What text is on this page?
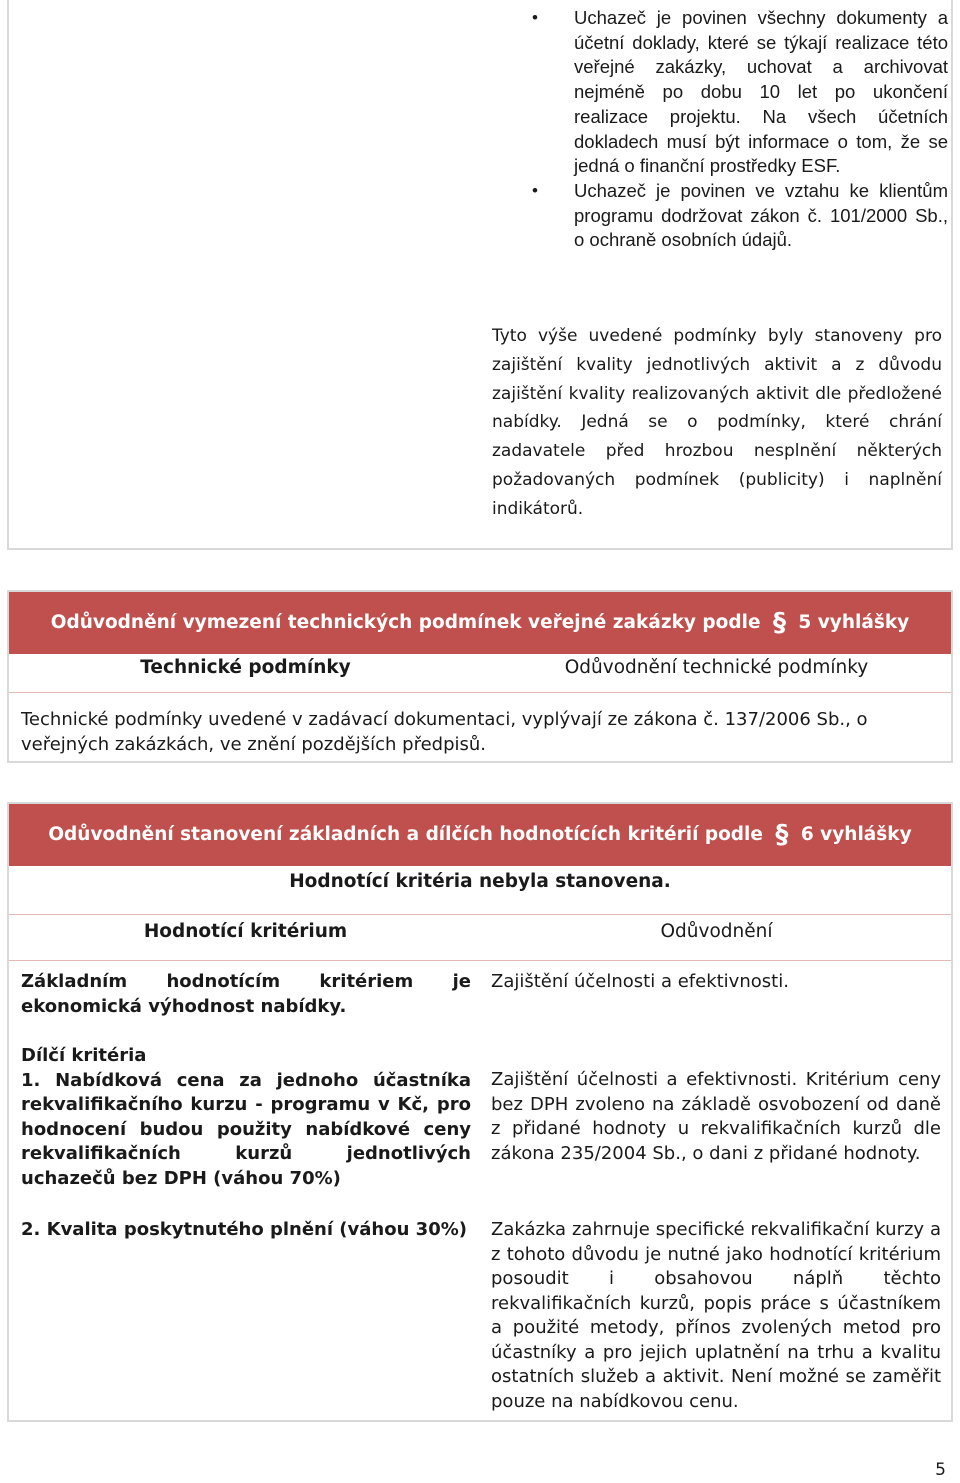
• Uchazeč je povinen všechny dokumenty a účetní doklady, které se týkají realizace této veřejné zakázky, uchovat a archivovat nejméně po dobu 10 let po ukončení realizace projektu. Na všech účetních dokladech musí být informace o tom, že se jedná o finanční prostředky ESF.
• Uchazeč je povinen ve vztahu ke klientům programu dodržovat zákon č. 101/2000 Sb., o ochraně osobních údajů.

Tyto výše uvedené podmínky byly stanoveny pro zajištění kvality jednotlivých aktivit a z důvodu zajištění kvality realizovaných aktivit dle předložené nabídky. Jedná se o podmínky, které chrání zadavatele před hrozbou nesplnění některých požadovaných podmínek (publicity) i naplnění indikátorů.

Odůvodnění vymezení technických podmínek veřejné zakázky podle § 5 vyhlášky
Technické podmínky	Odůvodnění technické podmínky

Technické podmínky uvedené v zadávací dokumentaci, vyplývají ze zákona č. 137/2006 Sb., o veřejných zakázkách, ve znění pozdějších předpisů.

Odůvodnění stanovení základních a dílčích hodnotících kritérií podle § 6 vyhlášky
Hodnotící kritéria nebyla stanovena.
Hodnotící kritérium	Odůvodnění

Základním hodnotícím kritériem je ekonomická výhodnost nabídky.

Zajištění účelnosti a efektivnosti.

Dílčí kritéria

1. Nabídková cena za jednoho účastníka rekvalifikačního kurzu - programu v Kč, pro hodnocení budou použity nabídkové ceny rekvalifikačních kurzů jednotlivých uchazečů bez DPH (váhou 70%)

Zajištění účelnosti a efektivnosti. Kritérium ceny bez DPH zvoleno na základě osvobození od daně z přidané hodnoty u rekvalifikačních kurzů dle zákona 235/2004 Sb., o dani z přidané hodnoty.

2. Kvalita poskytnutého plnění (váhou 30%) Zakázka zahrnuje specifické rekvalifikační kurzy a z tohoto důvodu je nutné jako hodnotící kritérium posoudit i obsahovou náplň těchto rekvalifikačních kurzů, popis práce s účastníkem a použité metody, přínos zvolených metod pro účastníky a pro jejich uplatnění na trhu a kvalitu ostatních služeb a aktivit. Není možné se zaměřit pouze na nabídkovou cenu.

5
